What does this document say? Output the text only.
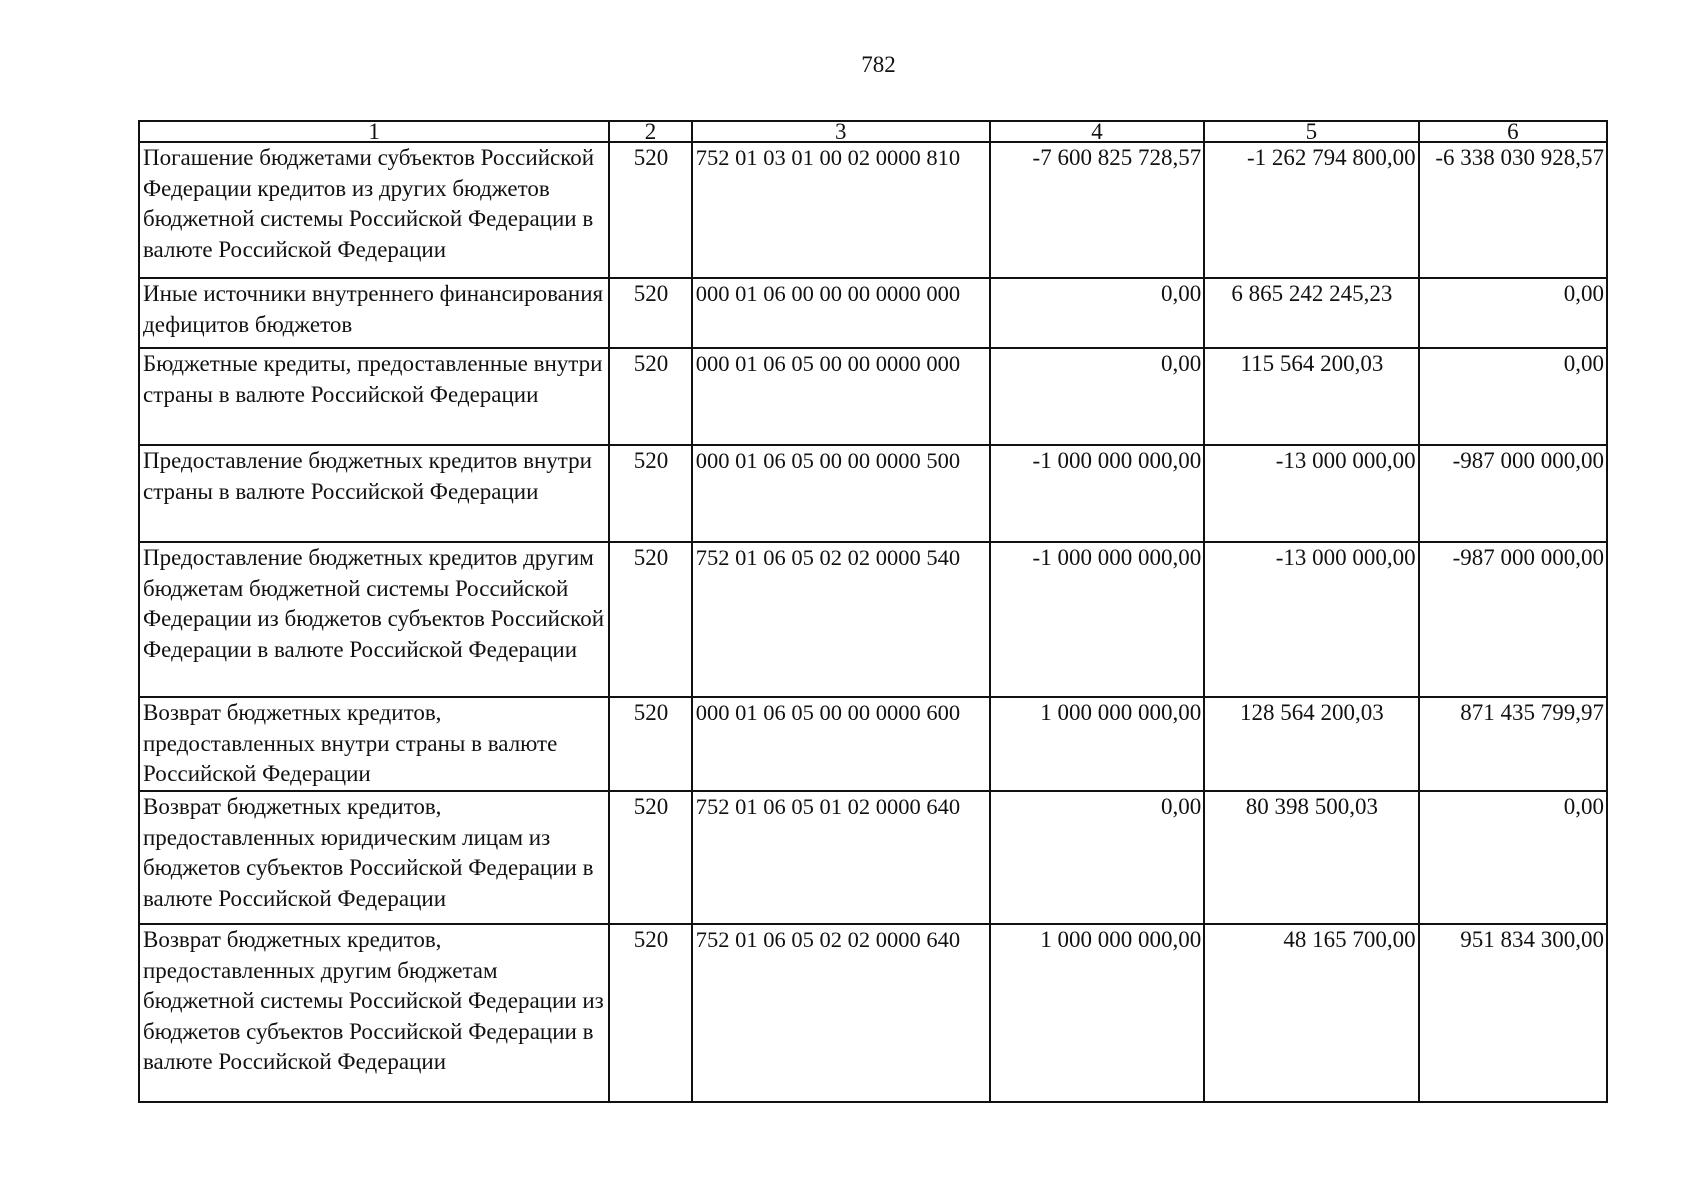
782
1	2	3	4	5	6
Погашение бюджетами субъектов Российской Федерации кредитов из других бюджетов бюджетной системы Российской Федерации в валюте Российской Федерации	520	752 01 03 01 00 02 0000 810	-7 600 825 728,57	-1 262 794 800,00	-6 338 030 928,57
Иные источники внутреннего финансирования дефицитов бюджетов	520	000 01 06 00 00 00 0000 000	0,00	6 865 242 245,23	0,00
Бюджетные кредиты, предоставленные внутри страны в валюте Российской Федерации	520	000 01 06 05 00 00 0000 000	0,00	115 564 200,03	0,00
Предоставление бюджетных кредитов внутри страны в валюте Российской Федерации	520	000 01 06 05 00 00 0000 500	-1 000 000 000,00	-13 000 000,00	-987 000 000,00
Предоставление бюджетных кредитов другим бюджетам бюджетной системы Российской Федерации из бюджетов субъектов Российской Федерации в валюте Российской Федерации	520	752 01 06 05 02 02 0000 540	-1 000 000 000,00	-13 000 000,00	-987 000 000,00
Возврат бюджетных кредитов, предоставленных внутри страны в валюте Российской Федерации	520	000 01 06 05 00 00 0000 600	1 000 000 000,00	128 564 200,03	871 435 799,97
Возврат бюджетных кредитов, предоставленных юридическим лицам из бюджетов субъектов Российской Федерации в валюте Российской Федерации	520	752 01 06 05 01 02 0000 640	0,00	80 398 500,03	0,00
Возврат бюджетных кредитов, предоставленных другим бюджетам бюджетной системы Российской Федерации из бюджетов субъектов Российской Федерации в валюте Российской Федерации	520	752 01 06 05 02 02 0000 640	1 000 000 000,00	48 165 700,00	951 834 300,00
